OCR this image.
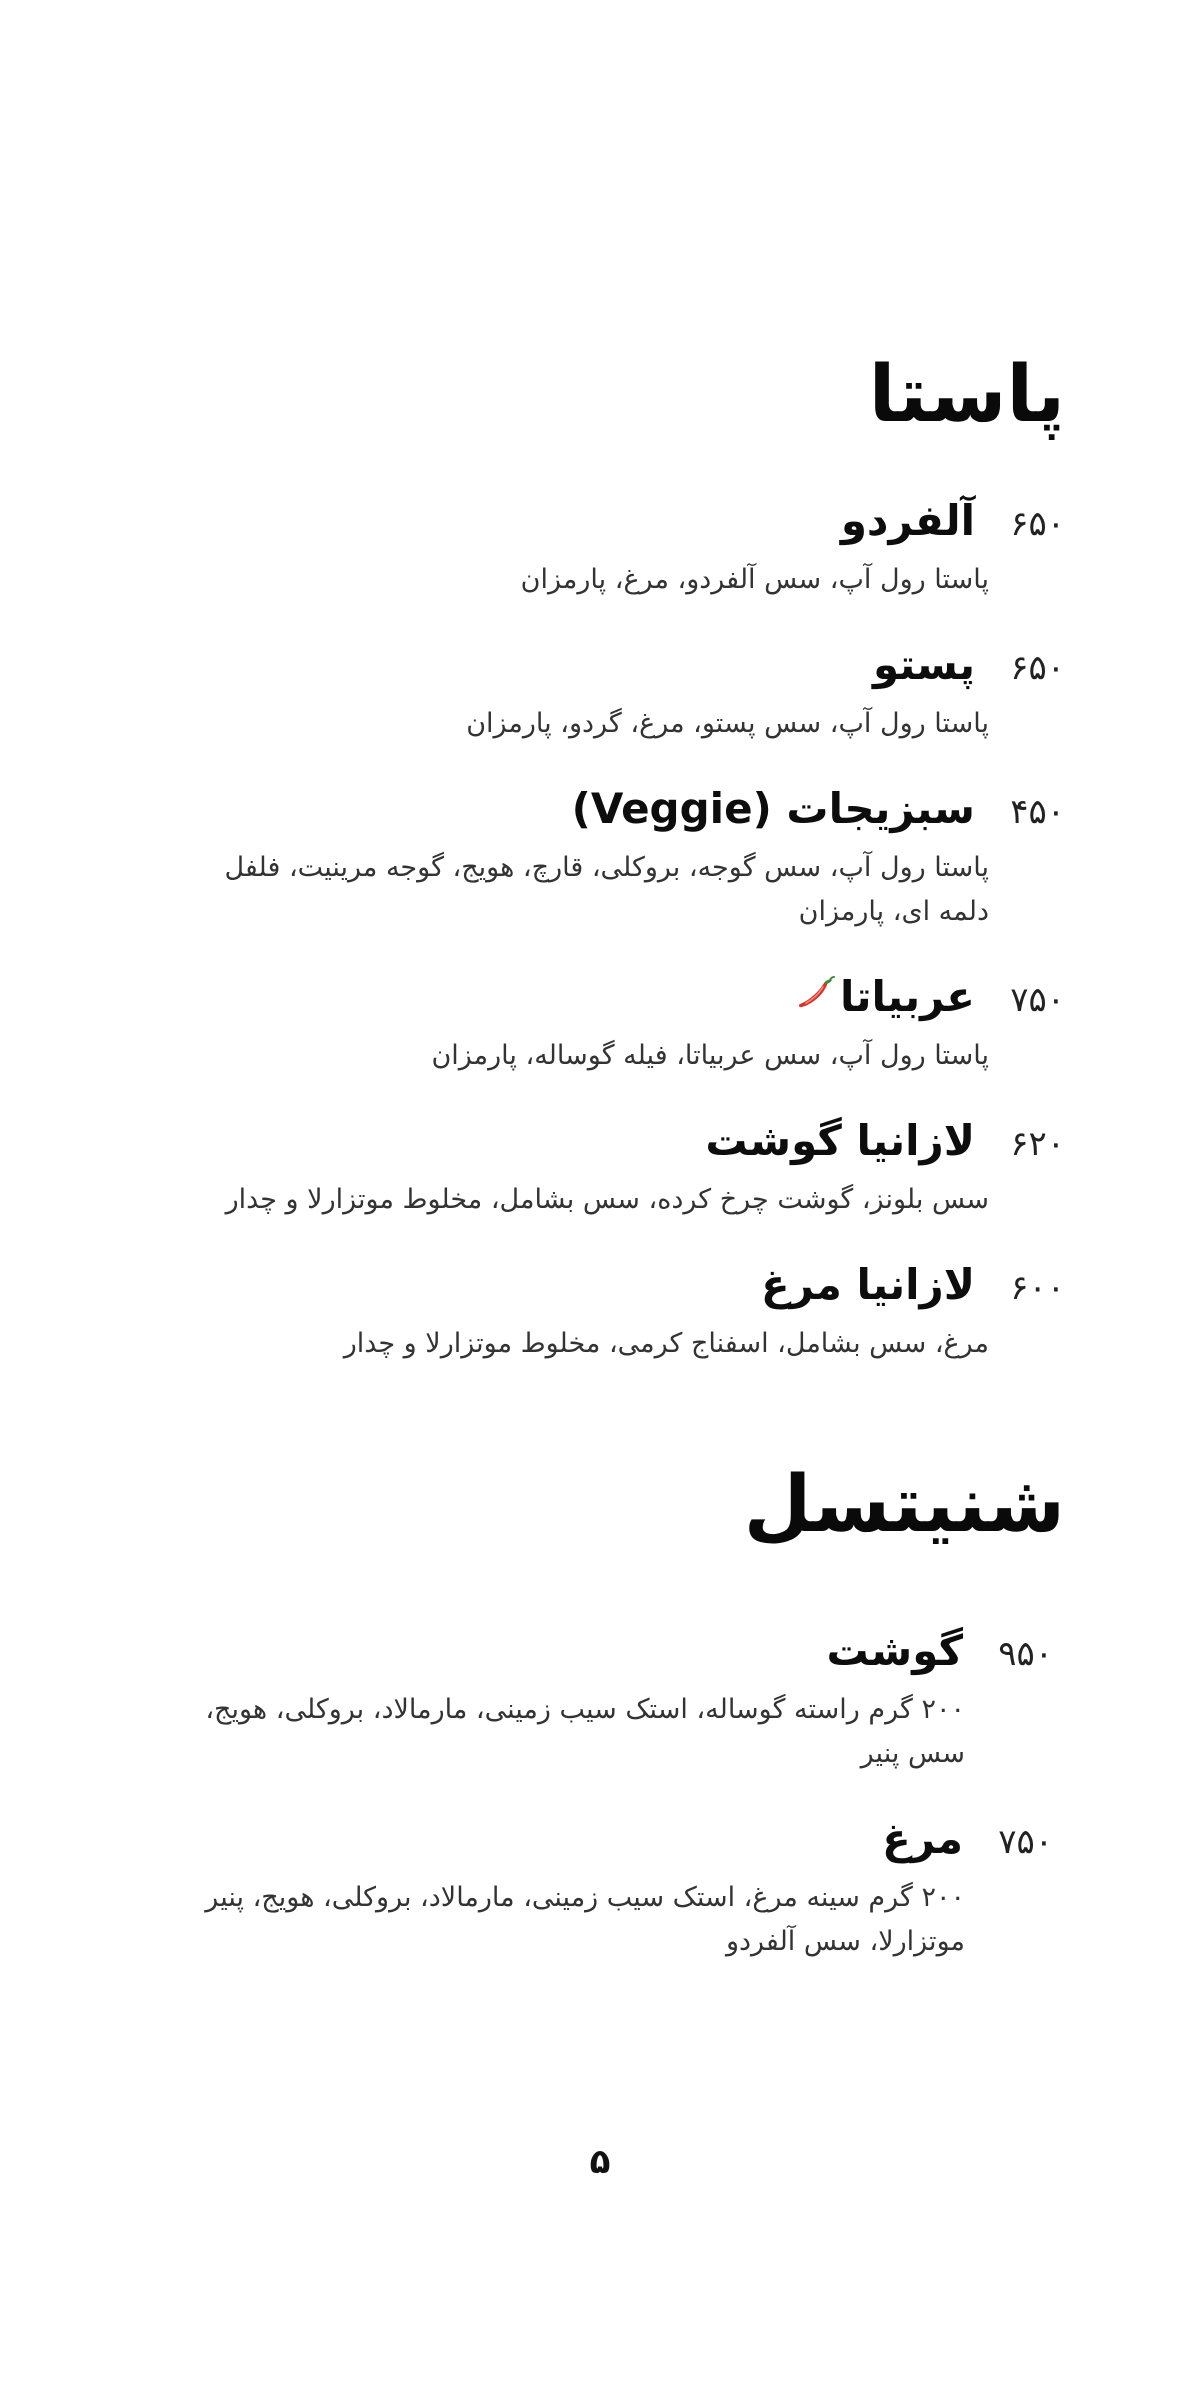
پاستا
۶۵۰
آلفردو
پاستا رول آپ، سس آلفردو، مرغ، پارمزان
۶۵۰
پستو
پاستا رول آپ، سس پستو، مرغ، گردو، پارمزان
۴۵۰
سبزیجات (Veggie)
پاستا رول آپ، سس گوجه، بروکلی، قارچ، هویج، گوجه مرینیت، فلفل دلمه ای، پارمزان
۷۵۰
عربیاتا
پاستا رول آپ، سس عربیاتا، فیله گوساله، پارمزان
۶۲۰
لازانیا گوشت
سس بلونز، گوشت چرخ کرده، سس بشامل، مخلوط موتزارلا و چدار
۶۰۰
لازانیا مرغ
مرغ، سس بشامل، اسفناج کرمی، مخلوط موتزارلا و چدار
شنیتسل
۹۵۰
گوشت
۲۰۰ گرم راسته گوساله، استک سیب زمینی، مارمالاد، بروکلی، هویج، سس پنیر
۷۵۰
مرغ
۲۰۰ گرم سینه مرغ، استک سیب زمینی، مارمالاد، بروکلی، هویج، پنیر موتزارلا، سس آلفردو
۵
